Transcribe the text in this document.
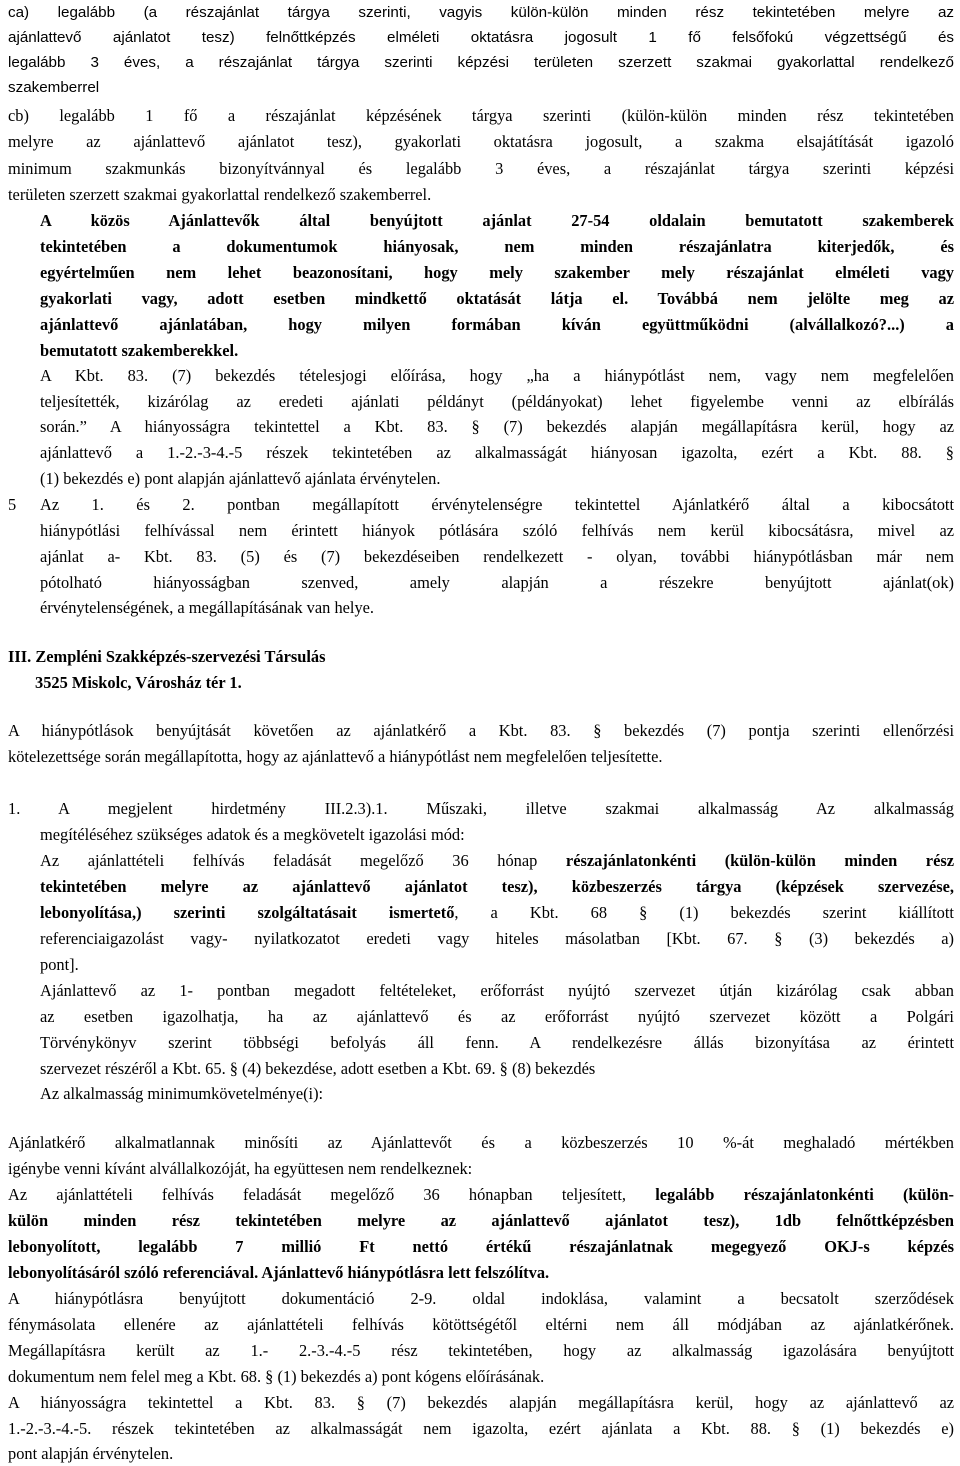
ca) legalább (a részajánlat tárgya szerinti, vagyis külön-külön minden rész tekintetében melyre az
ajánlattevő ajánlatot tesz) felnőttképzés elméleti oktatásra jogosult 1 fő felsőfokú végzettségű és
legalább 3 éves, a részajánlat tárgya szerinti képzési területen szerzett szakmai gyakorlattal rendelkező
szakemberrel
cb) legalább 1 fő a részajánlat képzésének tárgya szerinti (külön-külön minden rész tekintetében
melyre az ajánlattevő ajánlatot tesz), gyakorlati oktatásra jogosult, a szakma elsajátítását igazoló
minimum szakmunkás bizonyítvánnyal és legalább 3 éves, a részajánlat tárgya szerinti képzési
területen szerzett szakmai gyakorlattal rendelkező szakemberrel.
A közös Ajánlattevők által benyújtott ajánlat 27-54 oldalain bemutatott szakemberek
tekintetében a dokumentumok hiányosak, nem minden részajánlatra kiterjedők, és
egyértelműen nem lehet beazonosítani, hogy mely szakember mely részajánlat elméleti vagy
gyakorlati vagy, adott esetben mindkettő oktatását látja el. Továbbá nem jelölte meg az
ajánlattevő ajánlatában, hogy milyen formában kíván együttműködni (alvállalkozó?...) a
bemutatott szakemberekkel.
A Kbt. 83. (7) bekezdés tételesjogi előírása, hogy „ha a hiánypótlást nem, vagy nem megfelelően
teljesítették, kizárólag az eredeti ajánlati példányt (példányokat) lehet figyelembe venni az elbírálás
során.” A hiányosságra tekintettel a Kbt. 83. § (7) bekezdés alapján megállapításra kerül, hogy az
ajánlattevő a 1.-2.-3-4.-5 részek tekintetében az alkalmasságát hiányosan igazolta, ezért a Kbt. 88. §
(1) bekezdés e) pont alapján ajánlattevő ajánlata érvénytelen.
Az 1. és 2. pontban megállapított érvénytelenségre tekintettel Ajánlatkérő által a kibocsátott
hiánypótlási felhívással nem érintett hiányok pótlására szóló felhívás nem kerül kibocsátásra, mivel az
ajánlat a- Kbt. 83. (5) és (7) bekezdéseiben rendelkezett - olyan, további hiánypótlásban már nem
pótolható hiányosságban szenved, amely alapján a részekre benyújtott ajánlat(ok)
érvénytelenségének, a megállapításának van helye.
III. Zempléni Szakképzés-szervezési Társulás
3525 Miskolc, Városház tér 1.
A hiánypótlások benyújtását követően az ajánlatkérő a Kbt. 83. § bekezdés (7) pontja szerinti ellenőrzési
kötelezettsége során megállapította, hogy az ajánlattevő a hiánypótlást nem megfelelően teljesítette.
1. A megjelent hirdetmény III.2.3).1. Műszaki, illetve szakmai alkalmasság Az alkalmasság
megítéléséhez szükséges adatok és a megkövetelt igazolási mód:
Az ajánlattételi felhívás feladását megelőző 36 hónap részajánlatonkénti (külön-külön minden rész
tekintetében melyre az ajánlattevő ajánlatot tesz), közbeszerzés tárgya (képzések szervezése,
lebonyolítása,) szerinti szolgáltatásait ismertető, a Kbt. 68 § (1) bekezdés szerint kiállított
referenciaigazolást vagy- nyilatkozatot eredeti vagy hiteles másolatban [Kbt. 67. § (3) bekezdés a)
pont].
Ajánlattevő az 1- pontban megadott feltételeket, erőforrást nyújtó szervezet útján kizárólag csak abban
az esetben igazolhatja, ha az ajánlattevő és az erőforrást nyújtó szervezet között a Polgári
Törvénykönyv szerint többségi befolyás áll fenn. A rendelkezésre állás bizonyítása az érintett
szervezet részéről a Kbt. 65. § (4) bekezdése, adott esetben a Kbt. 69. § (8) bekezdés
Az alkalmasság minimumkövetelménye(i):
Ajánlatkérő alkalmatlannak minősíti az Ajánlattevőt és a közbeszerzés 10 %-át meghaladó mértékben
igénybe venni kívánt alvállalkozóját, ha együttesen nem rendelkeznek:
Az ajánlattételi felhívás feladását megelőző 36 hónapban teljesített, legalább részajánlatonkénti (külön-
külön minden rész tekintetében melyre az ajánlattevő ajánlatot tesz), 1db felnőttképzésben
lebonyolított, legalább 7 millió Ft nettó értékű részajánlatnak megegyező OKJ-s képzés
lebonyolításáról szóló referenciával. Ajánlattevő hiánypótlásra lett felszólítva.
A hiánypótlásra benyújtott dokumentáció 2-9. oldal indoklása, valamint a becsatolt szerződések
fénymásolata ellenére az ajánlattételi felhívás kötöttségétől eltérni nem áll módjában az ajánlatkérőnek.
Megállapításra került az 1.- 2.-3.-4.-5 rész tekintetében, hogy az alkalmasság igazolására benyújtott
dokumentum nem felel meg a Kbt. 68. § (1) bekezdés a) pont kógens előírásának.
A hiányosságra tekintettel a Kbt. 83. § (7) bekezdés alapján megállapításra kerül, hogy az ajánlattevő az
1.-2.-3.-4.-5. részek tekintetében az alkalmasságát nem igazolta, ezért ajánlata a Kbt. 88. § (1) bekezdés e)
pont alapján érvénytelen.
5
